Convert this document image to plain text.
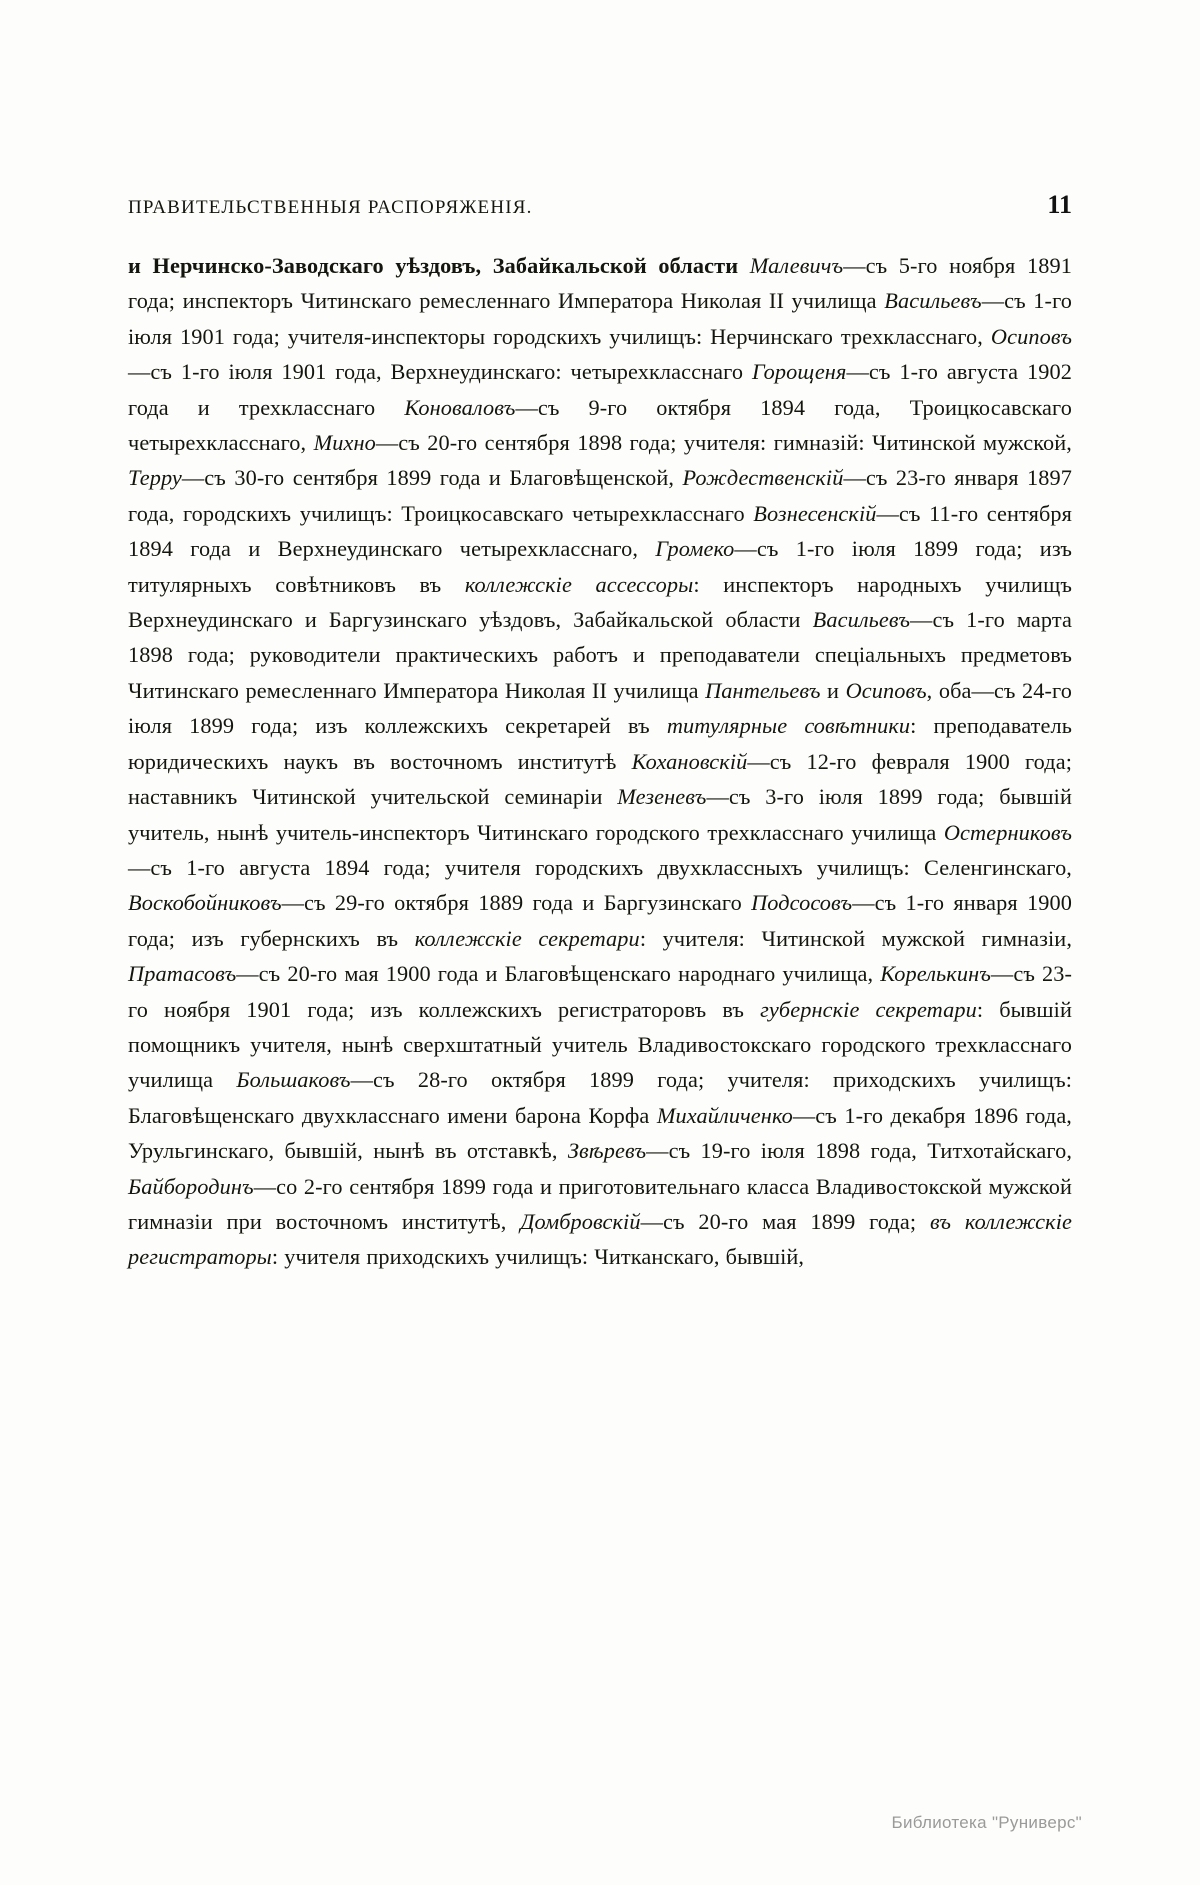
ПРАВИТЕЛЬСТВЕННЫЯ РАСПОРЯЖЕНІЯ.	11

и Нерчинско-Заводскаго уѣздовъ, Забайкальской области Малевичъ—съ 5-го ноября 1891 года; инспекторъ Читинскаго ремесленнаго Императора Николая II училища Васильевъ—съ 1-го іюля 1901 года; учителя-инспекторы городскихъ училищъ: Нерчинскаго трехкласснаго, Осиповъ—съ 1-го іюля 1901 года, Верхнеудинскаго: четырехкласснаго Горощеня—съ 1-го августа 1902 года и трехкласснаго Коноваловъ—съ 9-го октября 1894 года, Троицкосавскаго четырехкласснаго, Михно—съ 20-го сентября 1898 года; учителя: гимназій: Читинской мужской, Терру—съ 30-го сентября 1899 года и Благовѣщенской, Рождественскій—съ 23-го января 1897 года, городскихъ училищъ: Троицкосавскаго четырехкласснаго Вознесенскій—съ 11-го сентября 1894 года и Верхнеудинскаго четырехкласснаго, Громеко—съ 1-го іюля 1899 года; изъ титулярныхъ совѣтниковъ въ коллежскіе ассессоры: инспекторъ народныхъ училищъ Верхнеудинскаго и Баргузинскаго уѣздовъ, Забайкальской области Васильевъ—съ 1-го марта 1898 года; руководители практическихъ работъ и преподаватели спеціальныхъ предметовъ Читинскаго ремесленнаго Императора Николая II училища Пантельевъ и Осиповъ, оба—съ 24-го іюля 1899 года; изъ коллежскихъ секретарей въ титулярные совѣтники: преподаватель юридическихъ наукъ въ восточномъ институтѣ Кохановскій—съ 12-го февраля 1900 года; наставникъ Читинской учительской семинаріи Мезеневъ—съ 3-го іюля 1899 года; бывшій учитель, нынѣ учитель-инспекторъ Читинскаго городского трехкласснаго училища Остерниковъ—съ 1-го августа 1894 года; учителя городскихъ двухклассныхъ училищъ: Селенгинскаго, Воскобойниковъ—съ 29-го октября 1889 года и Баргузинскаго Подсосовъ—съ 1-го января 1900 года; изъ губернскихъ въ коллежскіе секретари: учителя: Читинской мужской гимназіи, Пратасовъ—съ 20-го мая 1900 года и Благовѣщенскаго народнаго училища, Корелькинъ—съ 23-го ноября 1901 года; изъ коллежскихъ регистраторовъ въ губернскіе секретари: бывшій помощникъ учителя, нынѣ сверхштатный учитель Владивостокскаго городского трехкласснаго училища Большаковъ—съ 28-го октября 1899 года; учителя: приходскихъ училищъ: Благовѣщенскаго двухкласснаго имени барона Корфа Михайличенко—съ 1-го декабря 1896 года, Урульгинскаго, бывшій, нынѣ въ отставкѣ, Звѣревъ—съ 19-го іюля 1898 года, Титхотайскаго, Байбородинъ—со 2-го сентября 1899 года и приготовительнаго класса Владивостокской мужской гимназіи при восточномъ институтѣ, Домбровскій—съ 20-го мая 1899 года; въ коллежскіе регистраторы: учителя приходскихъ училищъ: Читканскаго, бывшій,

Библиотека "Руниверс"
